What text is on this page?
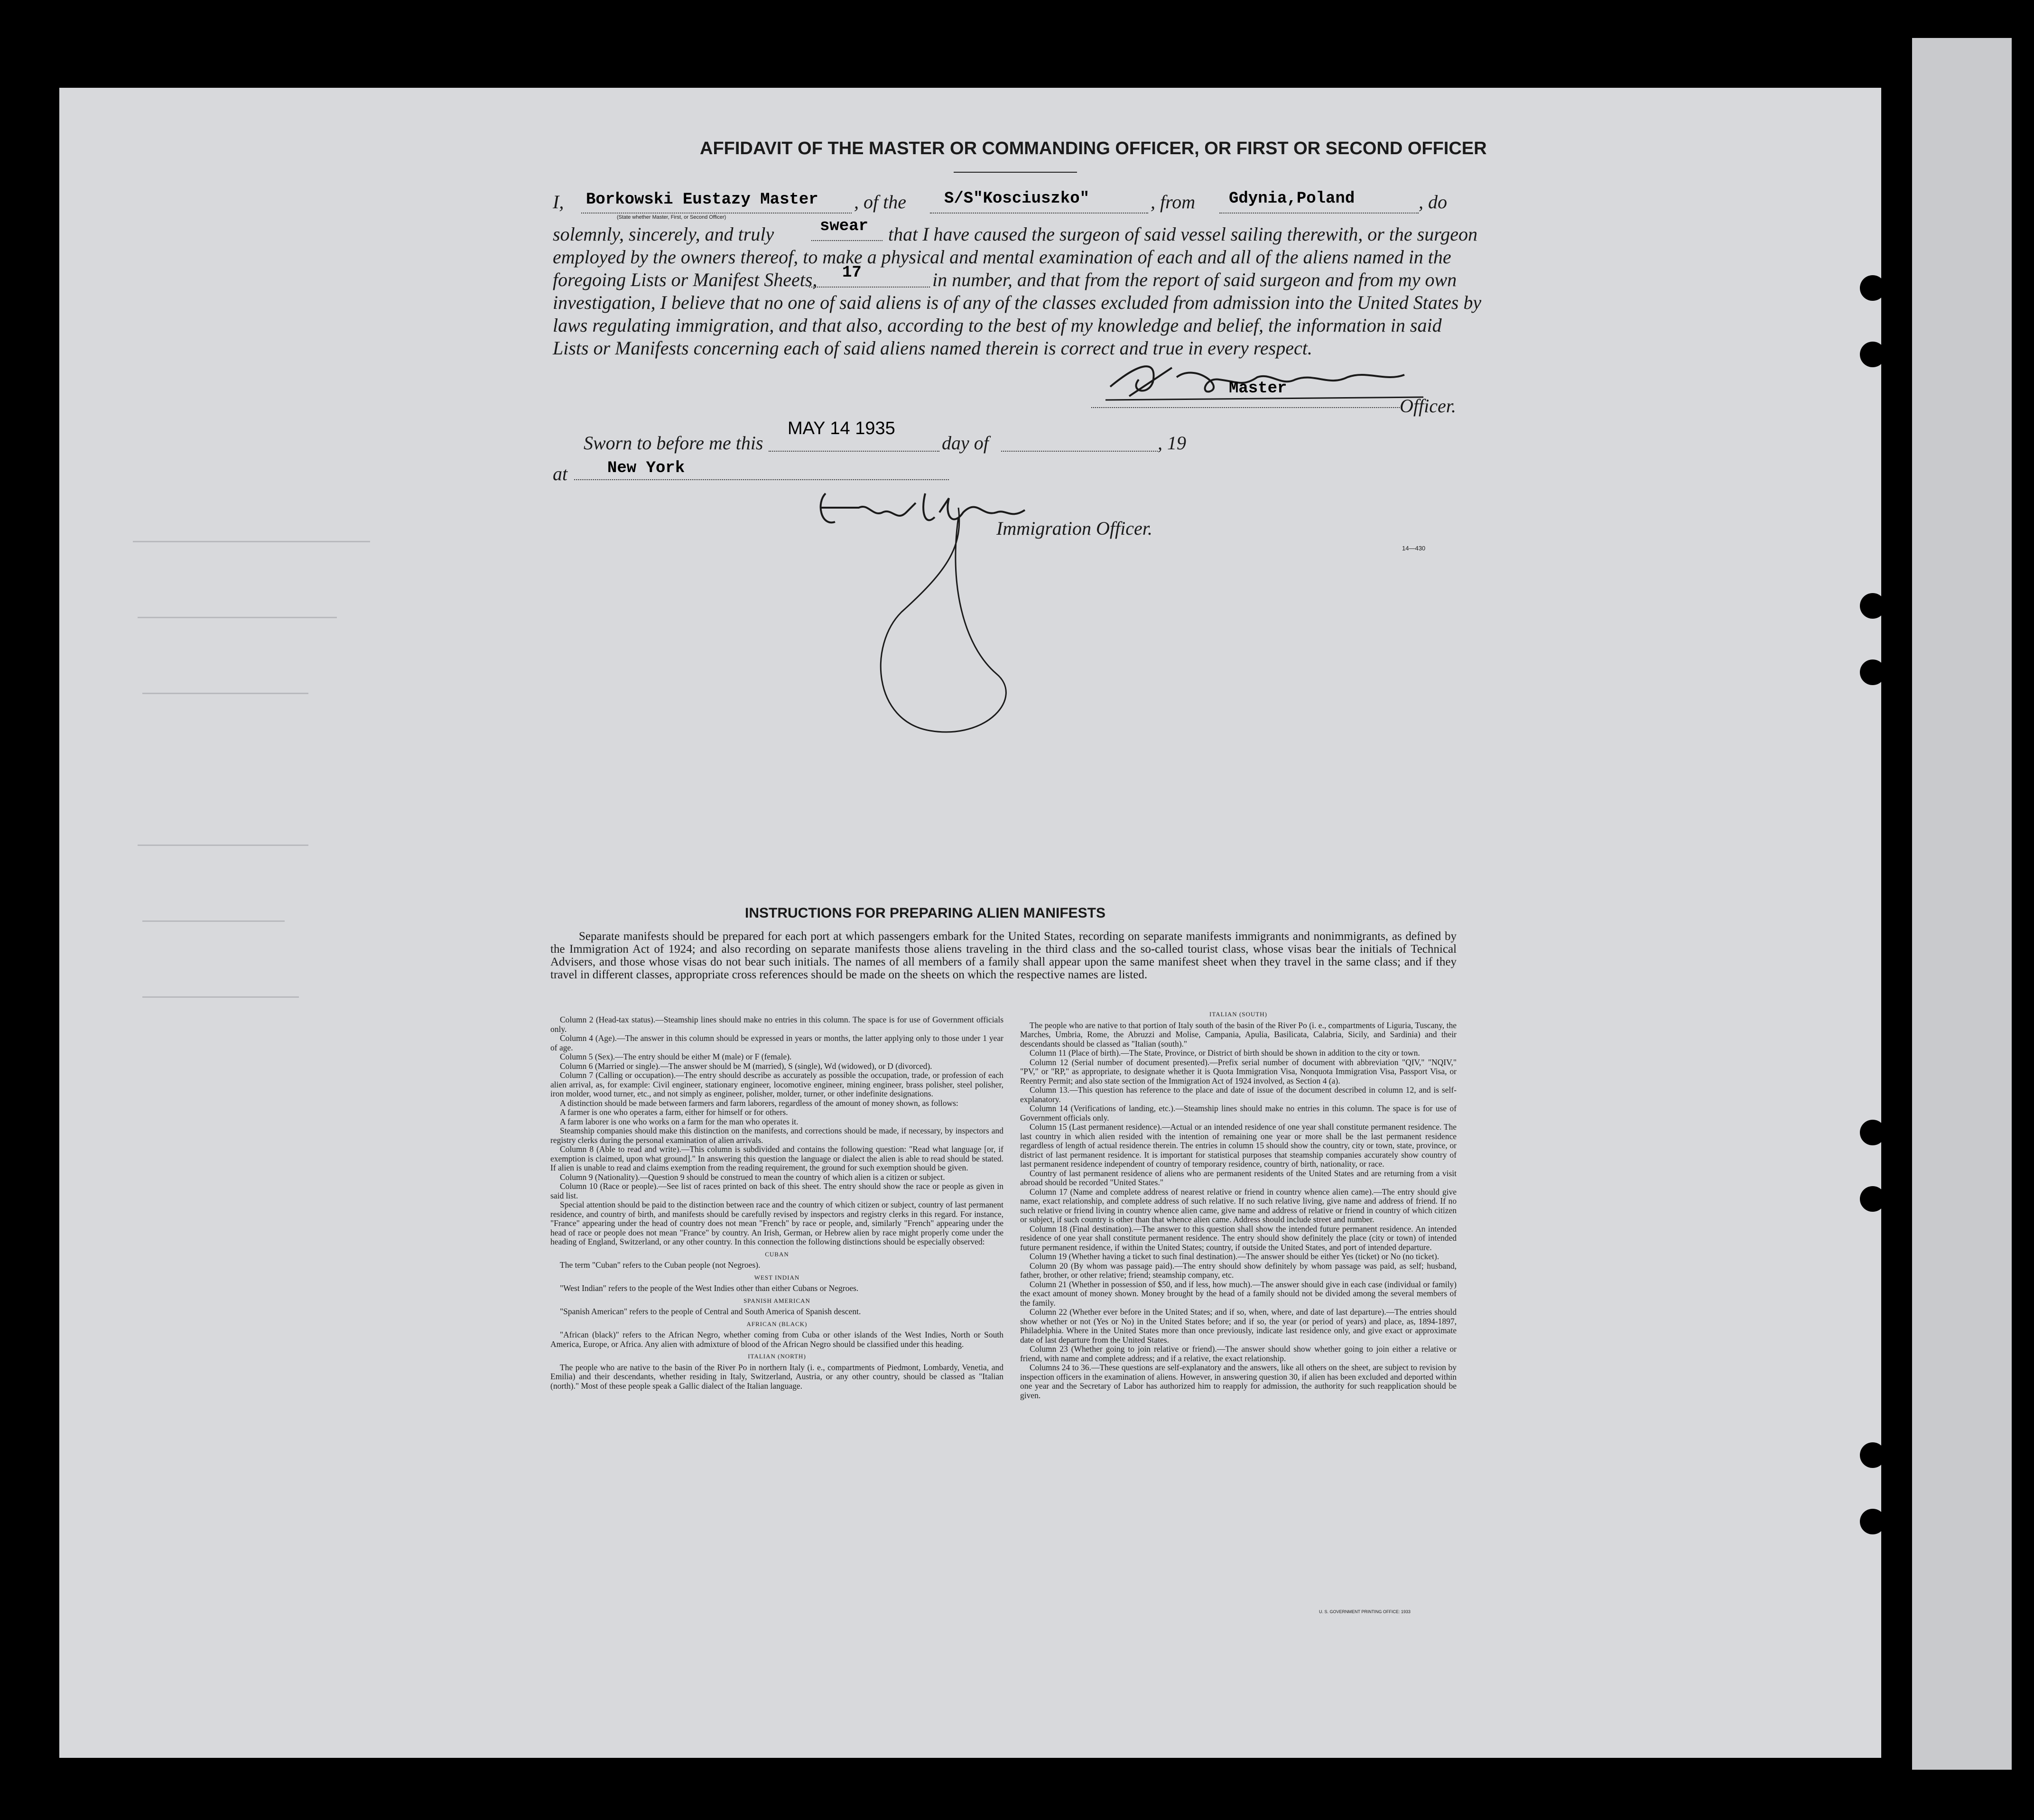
AFFIDAVIT OF THE MASTER OR COMMANDING OFFICER, OR FIRST OR SECOND OFFICER
I, Borkowski Eustazy Master
(State whether Master, First, or Second Officer)
, of the S/S"Kosciuszko"	, from Gdynia,Poland	, do
solemnly, sincerely, and truly	swear that I have caused the surgeon of said vessel sailing therewith, or the surgeon
employed by the owners thereof, to make a physical and mental examination of each and all of the aliens named in the
foregoing Lists or Manifest Sheets, 17	in number, and that from the report of said surgeon and from my own
investigation, I believe that no one of said aliens is of any of the classes excluded from admission into the United States by
laws regulating immigration, and that also, according to the best of my knowledge and belief, the information in said
Lists or Manifests concerning each of said aliens named therein is correct and true in every respect.
Master
Officer.
Sworn to before me this
MAY 14 1935
day of	, 19
at New York
Immigration Officer.
14—430
INSTRUCTIONS FOR PREPARING ALIEN MANIFESTS
Separate manifests should be prepared for each port at which passengers embark for the United States, recording on separate manifests immigrants and nonimmigrants, as defined by the Immigration Act of 1924; and also recording on separate manifests those aliens traveling in the third class and the so-called tourist class, whose visas bear the initials of Technical Advisers, and those whose visas do not bear such initials. The names of all members of a family shall appear upon the same manifest sheet when they travel in the same class; and if they travel in different classes, appropriate cross references should be made on the sheets on which the respective names are listed.

Column 2 (Head-tax status).—Steamship lines should make no entries in this column. The space is for use of Government officials only.

Column 4 (Age).—The answer in this column should be expressed in years or months, the latter applying only to those under 1 year of age.

Column 5 (Sex).—The entry should be either M (male) or F (female).

Column 6 (Married or single).—The answer should be M (married), S (single), Wd (widowed), or D (divorced).

Column 7 (Calling or occupation).—The entry should describe as accurately as possible the occupation, trade, or profession of each alien arrival, as, for example: Civil engineer, stationary engineer, locomotive engineer, mining engineer, brass polisher, steel polisher, iron molder, wood turner, etc., and not simply as engineer, polisher, molder, turner, or other indefinite designations.

A distinction should be made between farmers and farm laborers, regardless of the amount of money shown, as follows:

A farmer is one who operates a farm, either for himself or for others.

A farm laborer is one who works on a farm for the man who operates it.

Steamship companies should make this distinction on the manifests, and corrections should be made, if necessary, by inspectors and registry clerks during the personal examination of alien arrivals.

Column 8 (Able to read and write).—This column is subdivided and contains the following question: "Read what language [or, if exemption is claimed, upon what ground]." In answering this question the language or dialect the alien is able to read should be stated. If alien is unable to read and claims exemption from the reading requirement, the ground for such exemption should be given.

Column 9 (Nationality).—Question 9 should be construed to mean the country of which alien is a citizen or subject.

Column 10 (Race or people).—See list of races printed on back of this sheet. The entry should show the race or people as given in said list.

Special attention should be paid to the distinction between race and the country of which citizen or subject, country of last permanent residence, and country of birth, and manifests should be carefully revised by inspectors and registry clerks in this regard. For instance, "France" appearing under the head of country does not mean "French" by race or people, and, similarly "French" appearing under the head of race or people does not mean "France" by country. An Irish, German, or Hebrew alien by race might properly come under the heading of England, Switzerland, or any other country. In this connection the following distinctions should be especially observed:

CUBAN

The term "Cuban" refers to the Cuban people (not Negroes).

WEST INDIAN

"West Indian" refers to the people of the West Indies other than either Cubans or Negroes.

SPANISH AMERICAN

"Spanish American" refers to the people of Central and South America of Spanish descent.

AFRICAN (BLACK)

"African (black)" refers to the African Negro, whether coming from Cuba or other islands of the West Indies, North or South America, Europe, or Africa. Any alien with admixture of blood of the African Negro should be classified under this heading.

ITALIAN (NORTH)

The people who are native to the basin of the River Po in northern Italy (i. e., compartments of Piedmont, Lombardy, Venetia, and Emilia) and their descendants, whether residing in Italy, Switzerland, Austria, or any other country, should be classed as "Italian (north)." Most of these people speak a Gallic dialect of the Italian language.

ITALIAN (SOUTH)

The people who are native to that portion of Italy south of the basin of the River Po (i. e., compartments of Liguria, Tuscany, the Marches, Umbria, Rome, the Abruzzi and Molise, Campania, Apulia, Basilicata, Calabria, Sicily, and Sardinia) and their descendants should be classed as "Italian (south)."

Column 11 (Place of birth).—The State, Province, or District of birth should be shown in addition to the city or town.

Column 12 (Serial number of document presented).—Prefix serial number of document with abbreviation "QIV," "NQIV," "PV," or "RP," as appropriate, to designate whether it is Quota Immigration Visa, Nonquota Immigration Visa, Passport Visa, or Reentry Permit; and also state section of the Immigration Act of 1924 involved, as Section 4 (a).

Column 13.—This question has reference to the place and date of issue of the document described in column 12, and is self-explanatory.

Column 14 (Verifications of landing, etc.).—Steamship lines should make no entries in this column. The space is for use of Government officials only.

Column 15 (Last permanent residence).—Actual or an intended residence of one year shall constitute permanent residence. The last country in which alien resided with the intention of remaining one year or more shall be the last permanent residence regardless of length of actual residence therein. The entries in column 15 should show the country, city or town, state, province, or district of last permanent residence. It is important for statistical purposes that steamship companies accurately show country of last permanent residence independent of country of temporary residence, country of birth, nationality, or race.

Country of last permanent residence of aliens who are permanent residents of the United States and are returning from a visit abroad should be recorded "United States."

Column 17 (Name and complete address of nearest relative or friend in country whence alien came).—The entry should give name, exact relationship, and complete address of such relative. If no such relative living, give name and address of friend. If no such relative or friend living in country whence alien came, give name and address of relative or friend in country of which citizen or subject, if such country is other than that whence alien came. Address should include street and number.

Column 18 (Final destination).—The answer to this question shall show the intended future permanent residence. An intended residence of one year shall constitute permanent residence. The entry should show definitely the place (city or town) of intended future permanent residence, if within the United States; country, if outside the United States, and port of intended departure.

Column 19 (Whether having a ticket to such final destination).—The answer should be either Yes (ticket) or No (no ticket).

Column 20 (By whom was passage paid).—The entry should show definitely by whom passage was paid, as self; husband, father, brother, or other relative; friend; steamship company, etc.

Column 21 (Whether in possession of $50, and if less, how much).—The answer should give in each case (individual or family) the exact amount of money shown. Money brought by the head of a family should not be divided among the several members of the family.

Column 22 (Whether ever before in the United States; and if so, when, where, and date of last departure).—The entries should show whether or not (Yes or No) in the United States before; and if so, the year (or period of years) and place, as, 1894-1897, Philadelphia. Where in the United States more than once previously, indicate last residence only, and give exact or approximate date of last departure from the United States.

Column 23 (Whether going to join relative or friend).—The answer should show whether going to join either a relative or friend, with name and complete address; and if a relative, the exact relationship.

Columns 24 to 36.—These questions are self-explanatory and the answers, like all others on the sheet, are subject to revision by inspection officers in the examination of aliens. However, in answering question 30, if alien has been excluded and deported within one year and the Secretary of Labor has authorized him to reapply for admission, the authority for such reapplication should be given.

U. S. GOVERNMENT PRINTING OFFICE: 1933
